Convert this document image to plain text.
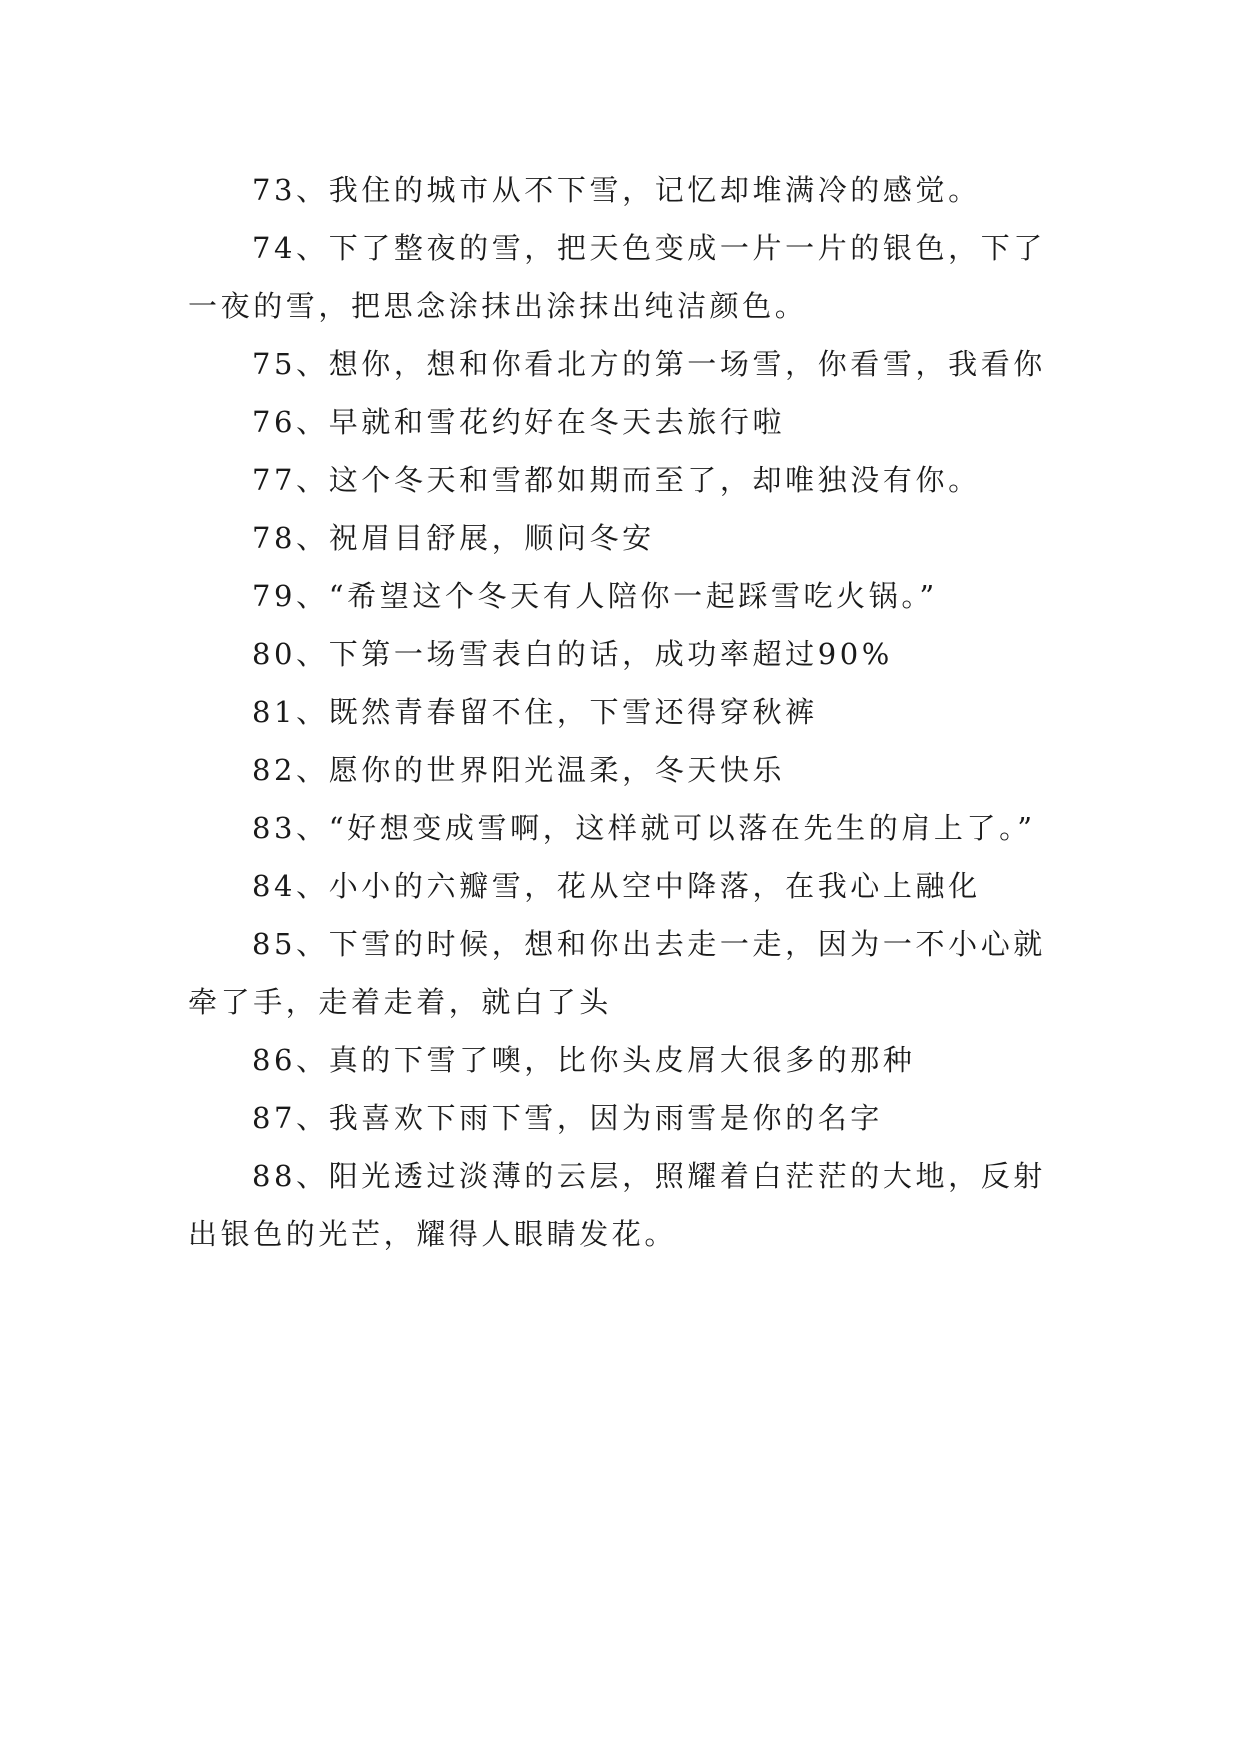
73、我住的城市从不下雪，记忆却堆满冷的感觉。

74、下了整夜的雪，把天色变成一片一片的银色，下了一夜的雪，把思念涂抹出涂抹出纯洁颜色。

75、想你，想和你看北方的第一场雪，你看雪，我看你

76、早就和雪花约好在冬天去旅行啦

77、这个冬天和雪都如期而至了，却唯独没有你。

78、祝眉目舒展，顺问冬安

79、“希望这个冬天有人陪你一起踩雪吃火锅。”

80、下第一场雪表白的话，成功率超过90%

81、既然青春留不住，下雪还得穿秋裤

82、愿你的世界阳光温柔，冬天快乐

83、“好想变成雪啊，这样就可以落在先生的肩上了。”

84、小小的六瓣雪，花从空中降落，在我心上融化

85、下雪的时候，想和你出去走一走，因为一不小心就牵了手，走着走着，就白了头

86、真的下雪了噢，比你头皮屑大很多的那种

87、我喜欢下雨下雪，因为雨雪是你的名字

88、阳光透过淡薄的云层，照耀着白茫茫的大地，反射出银色的光芒，耀得人眼睛发花。
